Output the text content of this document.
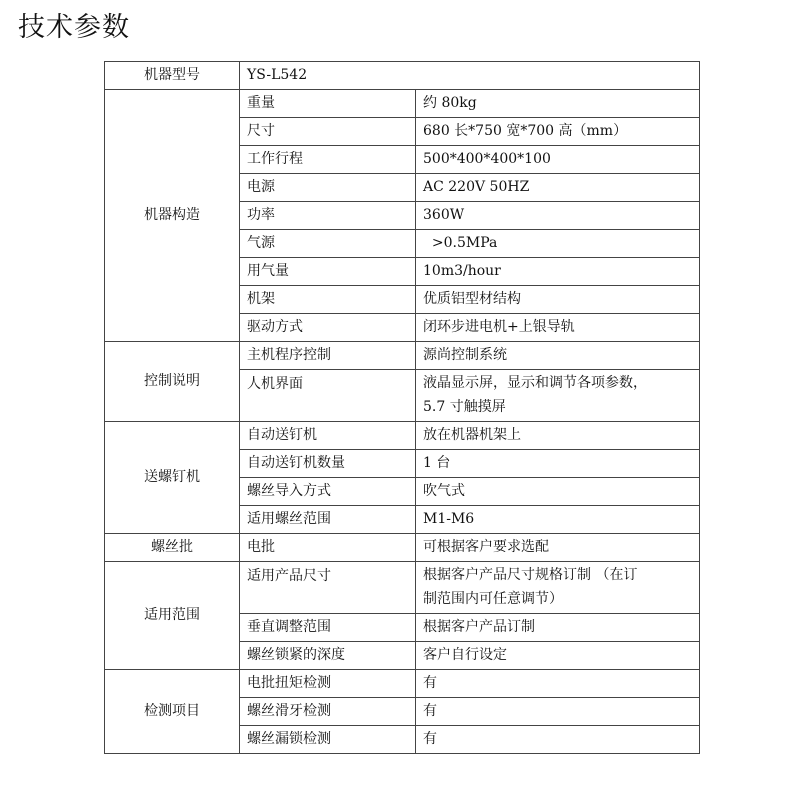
技术参数
机器型号	YS-L542	
机器构造	重量	约 80kg

	尺寸	680 长*750 宽*700 高（mm）

	工作行程	500*400*400*100

	电源	AC 220V 50HZ

	功率	360W

	气源	>0.5MPa

	用气量	10m3/hour

	机架	优质铝型材结构

	驱动方式	闭环步进电机+上银导轨

控制说明	主机程序控制	源尚控制系统

	人机界面	液晶显示屏，显示和调节各项参数，
5.7 寸触摸屏

送螺钉机	自动送钉机	放在机器机架上

	自动送钉机数量	1 台

	螺丝导入方式	吹气式

	适用螺丝范围	M1-M6

螺丝批	电批	可根据客户要求选配

适用范围	适用产品尺寸	根据客户产品尺寸规格订制 （在订
制范围内可任意调节）

	垂直调整范围	根据客户产品订制

	螺丝锁紧的深度	客户自行设定

检测项目	电批扭矩检测	有

	螺丝滑牙检测	有

	螺丝漏锁检测	有
